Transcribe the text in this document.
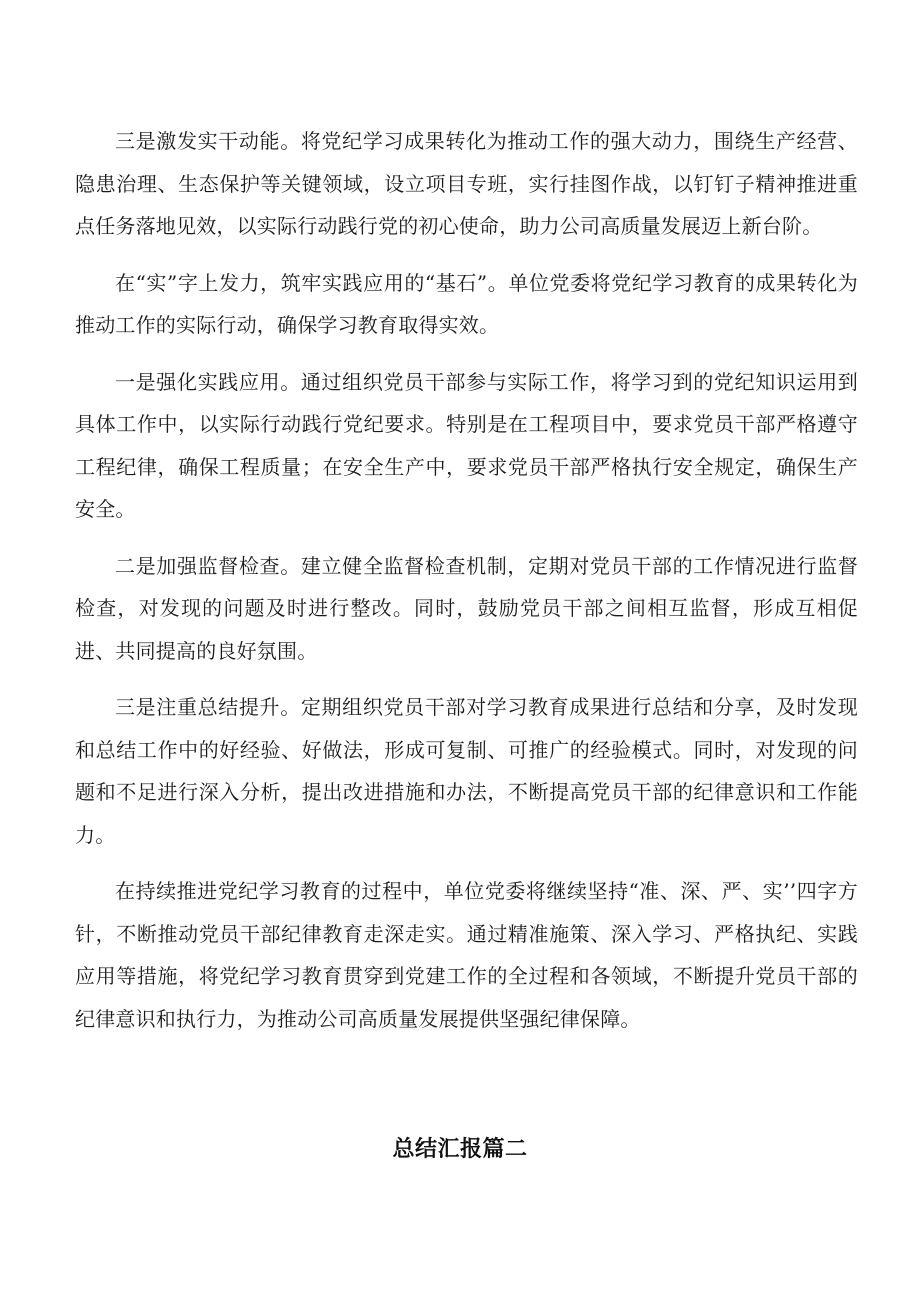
三是激发实干动能。将党纪学习成果转化为推动工作的强大动力，围绕生产经营、隐患治理、生态保护等关键领域，设立项目专班，实行挂图作战，以钉钉子精神推进重点任务落地见效，以实际行动践行党的初心使命，助力公司高质量发展迈上新台阶。

在“实”字上发力，筑牢实践应用的“基石”。单位党委将党纪学习教育的成果转化为推动工作的实际行动，确保学习教育取得实效。

一是强化实践应用。通过组织党员干部参与实际工作，将学习到的党纪知识运用到具体工作中，以实际行动践行党纪要求。特别是在工程项目中，要求党员干部严格遵守工程纪律，确保工程质量；在安全生产中，要求党员干部严格执行安全规定，确保生产安全。

二是加强监督检查。建立健全监督检查机制，定期对党员干部的工作情况进行监督检查，对发现的问题及时进行整改。同时，鼓励党员干部之间相互监督，形成互相促进、共同提高的良好氛围。

三是注重总结提升。定期组织党员干部对学习教育成果进行总结和分享，及时发现和总结工作中的好经验、好做法，形成可复制、可推广的经验模式。同时，对发现的问题和不足进行深入分析，提出改进措施和办法，不断提高党员干部的纪律意识和工作能力。

在持续推进党纪学习教育的过程中，单位党委将继续坚持“准、深、严、实’’四字方针，不断推动党员干部纪律教育走深走实。通过精准施策、深入学习、严格执纪、实践应用等措施，将党纪学习教育贯穿到党建工作的全过程和各领域，不断提升党员干部的纪律意识和执行力，为推动公司高质量发展提供坚强纪律保障。

总结汇报篇二
